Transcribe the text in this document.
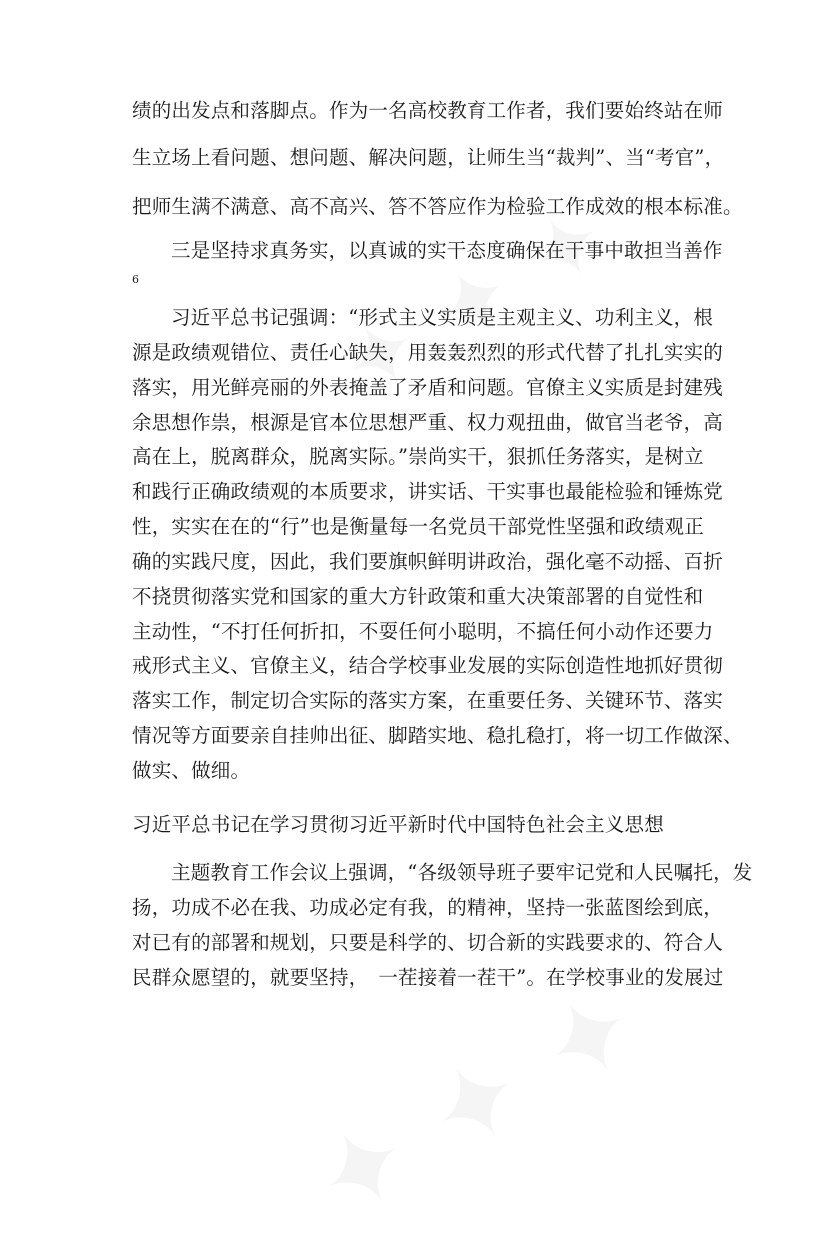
绩的出发点和落脚点。作为一名高校教育工作者，我们要始终站在师
生立场上看问题、想问题、解决问题，让师生当“裁判”、当“考官”，
把师生满不满意、高不高兴、答不答应作为检验工作成效的根本标准。
三是坚持求真务实，以真诚的实干态度确保在干事中敢担当善作
6
习近平总书记强调：“形式主义实质是主观主义、功利主义，根
源是政绩观错位、责任心缺失，用轰轰烈烈的形式代替了扎扎实实的
落实，用光鲜亮丽的外表掩盖了矛盾和问题。官僚主义实质是封建残
余思想作祟，根源是官本位思想严重、权力观扭曲，做官当老爷，高
高在上，脱离群众，脱离实际。”崇尚实干，狠抓任务落实，是树立
和践行正确政绩观的本质要求，讲实话、干实事也最能检验和锤炼党
性，实实在在的“行”也是衡量每一名党员干部党性坚强和政绩观正
确的实践尺度，因此，我们要旗帜鲜明讲政治，强化毫不动摇、百折
不挠贯彻落实党和国家的重大方针政策和重大决策部署的自觉性和
主动性，“不打任何折扣，不耍任何小聪明，不搞任何小动作还要力
戒形式主义、官僚主义，结合学校事业发展的实际创造性地抓好贯彻
落实工作，制定切合实际的落实方案，在重要任务、关键环节、落实
情况等方面要亲自挂帅出征、脚踏实地、稳扎稳打，将一切工作做深、
做实、做细。
习近平总书记在学习贯彻习近平新时代中国特色社会主义思想
主题教育工作会议上强调，“各级领导班子要牢记党和人民嘱托，发
扬，功成不必在我、功成必定有我，的精神，坚持一张蓝图绘到底，
对已有的部署和规划，只要是科学的、切合新的实践要求的、符合人
民群众愿望的，就要坚持，　一茬接着一茬干”。在学校事业的发展过
